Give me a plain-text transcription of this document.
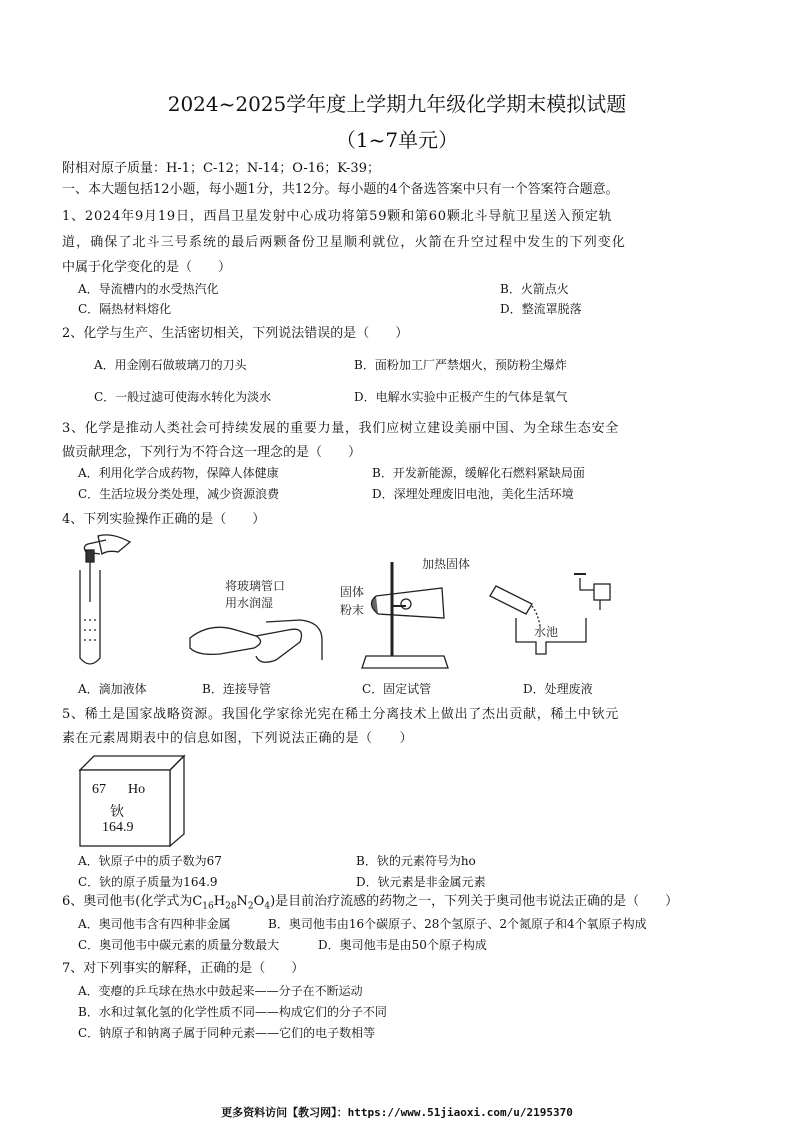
2024~2025学年度上学期九年级化学期末模拟试题
（1~7单元）
附相对原子质量：H-1；C-12；N-14；O-16；K-39；
一、本大题包括12小题，每小题1分，共12分。每小题的4个备选答案中只有一个答案符合题意。
1、2024年9月19日，西昌卫星发射中心成功将第59颗和第60颗北斗导航卫星送入预定轨
道，确保了北斗三号系统的最后两颗备份卫星顺利就位，火箭在升空过程中发生的下列变化
中属于化学变化的是（　　）
A．导流槽内的水受热汽化	B．火箭点火
C．隔热材料熔化	D．整流罩脱落
2、化学与生产、生活密切相关，下列说法错误的是（　　）
A．用金刚石做玻璃刀的刀头	B．面粉加工厂严禁烟火，预防粉尘爆炸
C．一般过滤可使海水转化为淡水	D．电解水实验中正极产生的气体是氧气
3、化学是推动人类社会可持续发展的重要力量，我们应树立建设美丽中国、为全球生态安全
做贡献理念，下列行为不符合这一理念的是（　　）
A．利用化学合成药物，保障人体健康	B．开发新能源，缓解化石燃料紧缺局面
C．生活垃圾分类处理，减少资源浪费	D．深埋处理废旧电池，美化生活环境
4、下列实验操作正确的是（　　）
将玻璃管口
用水润湿
加热固体
固体
粉末
水池
A．滴加液体	B．连接导管	C．固定试管	D．处理废液
5、稀土是国家战略资源。我国化学家徐光宪在稀土分离技术上做出了杰出贡献，稀土中钬元
素在元素周期表中的信息如图，下列说法正确的是（　　）
67 Ho
钬
164.9
A．钬原子中的质子数为67	B．钬的元素符号为ho
C．钬的原子质量为164.9	D．钬元素是非金属元素
6、奥司他韦(化学式为$C_{16}H_{28}N_2O_4$)是目前治疗流感的药物之一，下列关于奥司他韦说法正确的是（　　）
A．奥司他韦含有四种非金属	B．奥司他韦由16个碳原子、28个氢原子、2个氮原子和4个氧原子构成
C．奥司他韦中碳元素的质量分数最大	D．奥司他韦是由50个原子构成
7、对下列事实的解释，正确的是（　　）
A．变瘪的乒乓球在热水中鼓起来——分子在不断运动
B．水和过氧化氢的化学性质不同——构成它们的分子不同
C．钠原子和钠离子属于同种元素——它们的电子数相等
更多资料访问【教习网】：https://www.51jiaoxi.com/u/2195370
